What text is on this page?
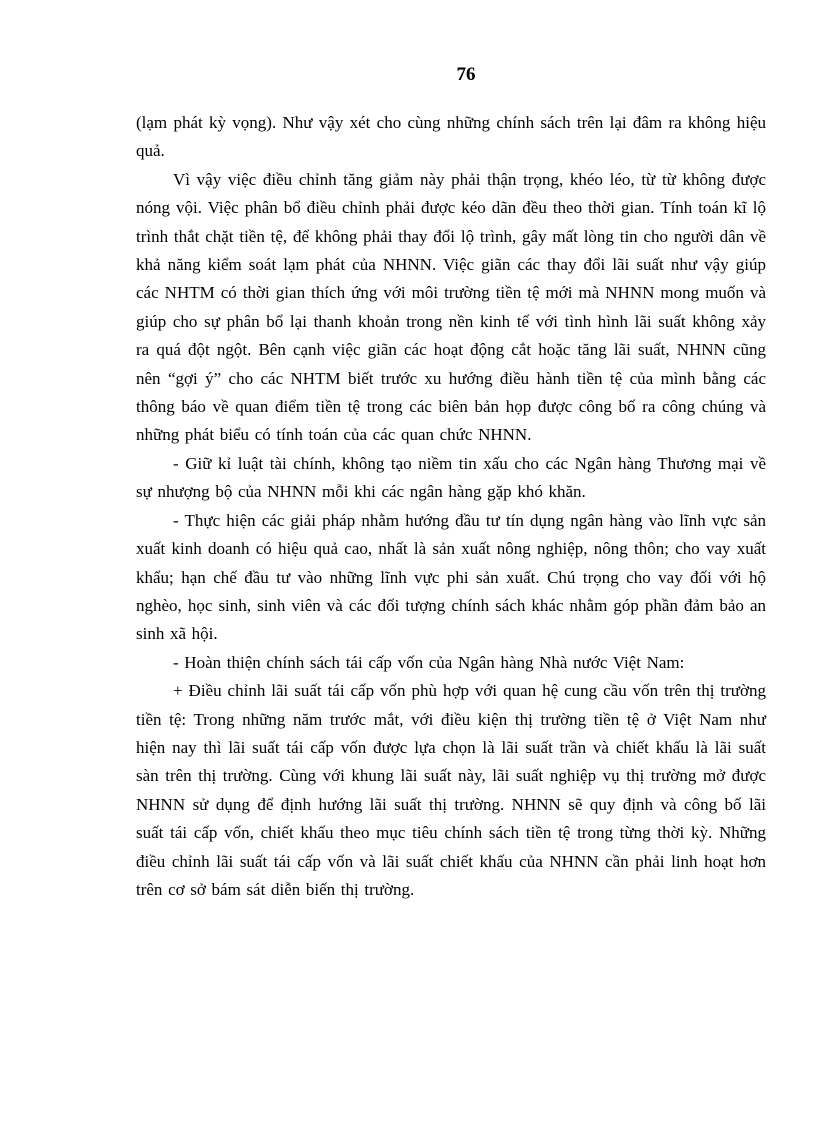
76

(lạm phát kỳ vọng). Như vậy xét cho cùng những chính sách trên lại đâm ra không hiệu quả.

Vì vậy việc điều chỉnh tăng giảm này phải thận trọng, khéo léo, từ từ không được nóng vội. Việc phân bổ điều chỉnh phải được kéo dãn đều theo thời gian. Tính toán kĩ lộ trình thắt chặt tiền tệ, để không phải thay đổi lộ trình, gây mất lòng tin cho người dân về khả năng kiểm soát lạm phát của NHNN. Việc giãn các thay đổi lãi suất như vậy giúp các NHTM có thời gian thích ứng với môi trường tiền tệ mới mà NHNN mong muốn và giúp cho sự phân bổ lại thanh khoản trong nền kinh tế với tình hình lãi suất không xảy ra quá đột ngột. Bên cạnh việc giãn các hoạt động cắt hoặc tăng lãi suất, NHNN cũng nên “gợi ý” cho các NHTM biết trước xu hướng điều hành tiền tệ của mình bằng các thông báo về quan điểm tiền tệ trong các biên bản họp được công bố ra công chúng và những phát biểu có tính toán của các quan chức NHNN.

- Giữ kỉ luật tài chính, không tạo niềm tin xấu cho các Ngân hàng Thương mại về sự nhượng bộ của NHNN mỗi khi các ngân hàng gặp khó khăn.

- Thực hiện các giải pháp nhằm hướng đầu tư tín dụng ngân hàng vào lĩnh vực sản xuất kinh doanh có hiệu quả cao, nhất là sản xuất nông nghiệp, nông thôn; cho vay xuất khẩu; hạn chế đầu tư vào những lĩnh vực phi sản xuất. Chú trọng cho vay đối với hộ nghèo, học sinh, sinh viên và các đối tượng chính sách khác nhằm góp phần đảm bảo an sinh xã hội.

- Hoàn thiện chính sách tái cấp vốn của Ngân hàng Nhà nước Việt Nam:

+ Điều chỉnh lãi suất tái cấp vốn phù hợp với quan hệ cung cầu vốn trên thị trường tiền tệ: Trong những năm trước mắt, với điều kiện thị trường tiền tệ ở Việt Nam như hiện nay thì lãi suất tái cấp vốn được lựa chọn là lãi suất trần và chiết khấu là lãi suất sàn trên thị trường. Cùng với khung lãi suất này, lãi suất nghiệp vụ thị trường mở được NHNN sử dụng để định hướng lãi suất thị trường. NHNN sẽ quy định và công bố lãi suất tái cấp vốn, chiết khấu theo mục tiêu chính sách tiền tệ trong từng thời kỳ. Những điều chỉnh lãi suất tái cấp vốn và lãi suất chiết khấu của NHNN cần phải linh hoạt hơn trên cơ sở bám sát diễn biến thị trường.
